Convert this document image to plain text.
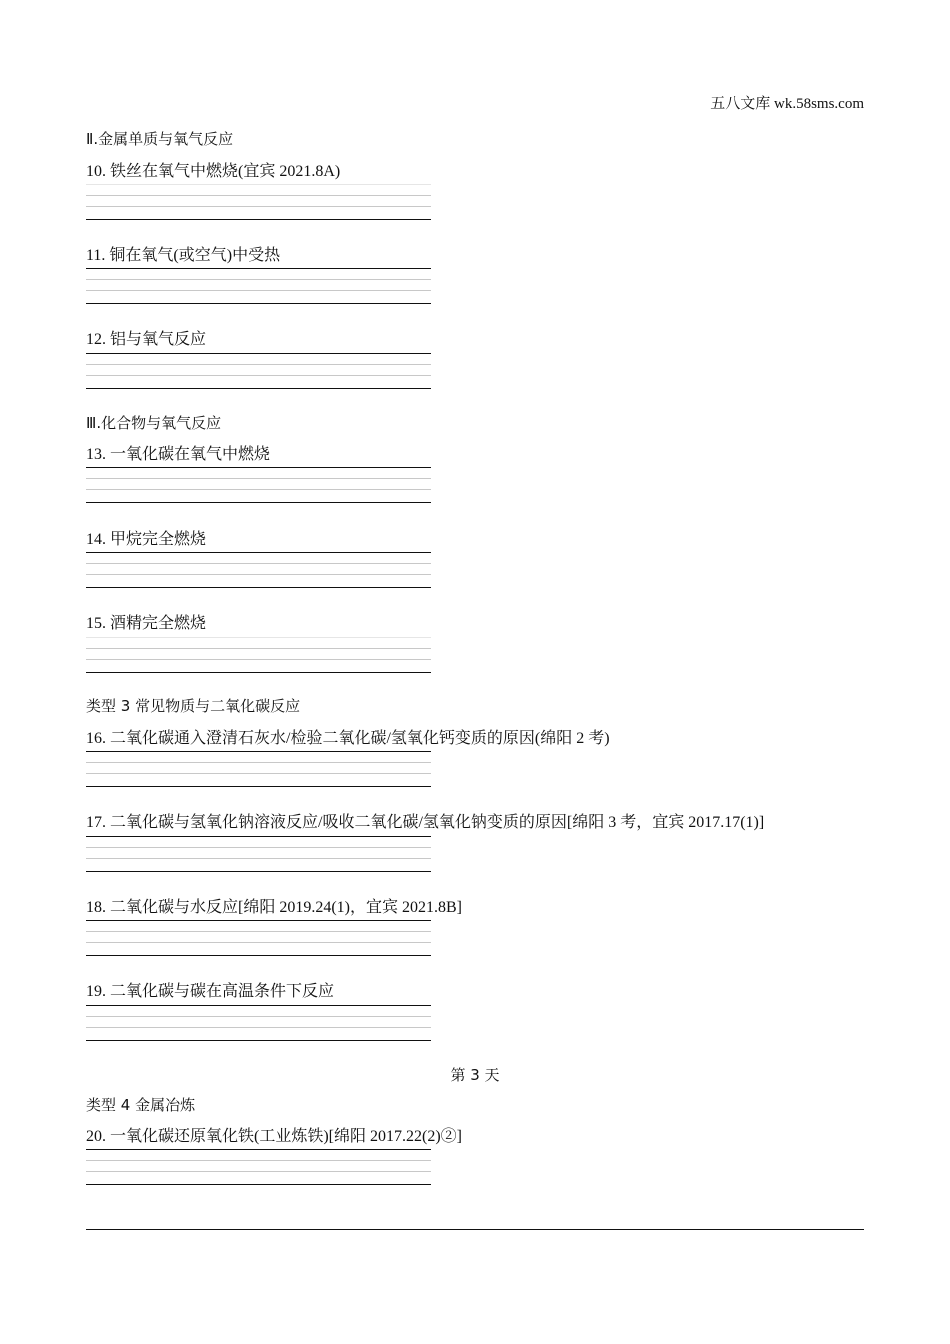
五八文库 wk.58sms.com
Ⅱ.金属单质与氧气反应
10. 铁丝在氧气中燃烧(宜宾 2021.8A)
11. 铜在氧气(或空气)中受热
12. 铝与氧气反应
Ⅲ.化合物与氧气反应
13. 一氧化碳在氧气中燃烧
14. 甲烷完全燃烧
15. 酒精完全燃烧
类型 3 常见物质与二氧化碳反应
16. 二氧化碳通入澄清石灰水/检验二氧化碳/氢氧化钙变质的原因(绵阳 2 考)
17. 二氧化碳与氢氧化钠溶液反应/吸收二氧化碳/氢氧化钠变质的原因[绵阳 3 考，宜宾 2017.17(1)]
18. 二氧化碳与水反应[绵阳 2019.24(1)，宜宾 2021.8B]
19. 二氧化碳与碳在高温条件下反应
第 3 天
类型 4 金属冶炼
20. 一氧化碳还原氧化铁(工业炼铁)[绵阳 2017.22(2)②]
